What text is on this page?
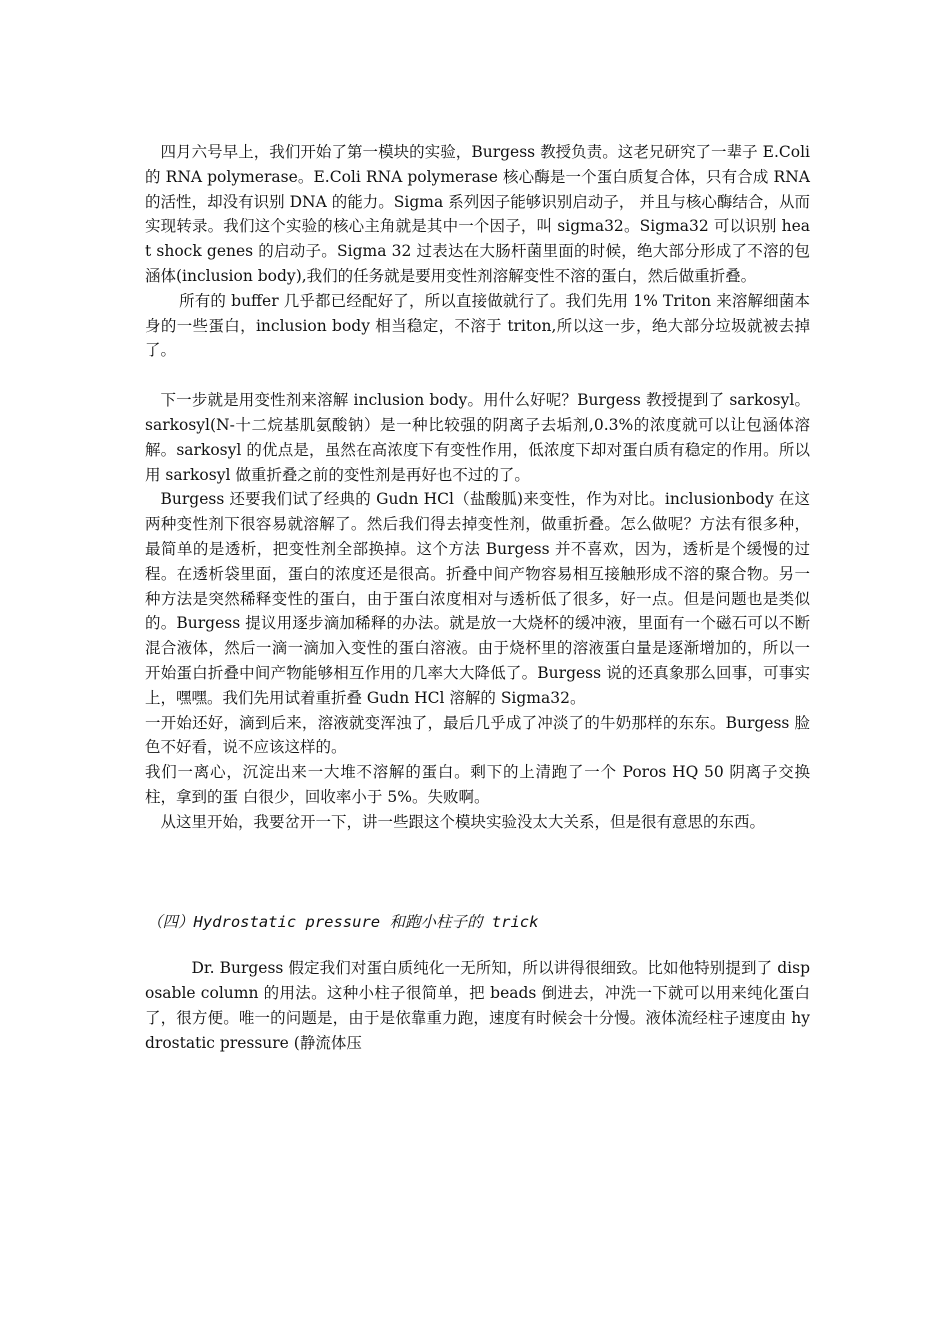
四月六号早上，我们开始了第一模块的实验，Burgess 教授负责。这老兄研究了一辈子 E.Coli 的 RNA polymerase。E.Coli RNA polymerase 核心酶是一个蛋白质复合体，只有合成 RNA 的活性，却没有识别 DNA 的能力。Sigma 系列因子能够识别启动子， 并且与核心酶结合，从而实现转录。我们这个实验的核心主角就是其中一个因子，叫 sigma32。Sigma32 可以识别 heat shock genes 的启动子。Sigma 32 过表达在大肠杆菌里面的时候，绝大部分形成了不溶的包涵体(inclusion body),我们的任务就是要用变性剂溶解变性不溶的蛋白，然后做重折叠。

所有的 buffer 几乎都已经配好了，所以直接做就行了。我们先用 1% Triton 来溶解细菌本身的一些蛋白，inclusion body 相当稳定，不溶于 triton,所以这一步，绝大部分垃圾就被去掉了。

下一步就是用变性剂来溶解 inclusion body。用什么好呢？Burgess 教授提到了 sarkosyl。sarkosyl(N-十二烷基肌氨酸钠）是一种比较强的阴离子去垢剂,0.3%的浓度就可以让包涵体溶解。sarkosyl 的优点是，虽然在高浓度下有变性作用，低浓度下却对蛋白质有稳定的作用。所以用 sarkosyl 做重折叠之前的变性剂是再好也不过的了。

Burgess 还要我们试了经典的 Gudn HCl（盐酸胍)来变性，作为对比。inclusionbody 在这两种变性剂下很容易就溶解了。然后我们得去掉变性剂，做重折叠。怎么做呢？方法有很多种，最简单的是透析，把变性剂全部换掉。这个方法 Burgess 并不喜欢，因为，透析是个缓慢的过程。在透析袋里面，蛋白的浓度还是很高。折叠中间产物容易相互接触形成不溶的聚合物。另一种方法是突然稀释变性的蛋白，由于蛋白浓度相对与透析低了很多，好一点。但是问题也是类似的。Burgess 提议用逐步滴加稀释的办法。就是放一大烧杯的缓冲液，里面有一个磁石可以不断混合液体，然后一滴一滴加入变性的蛋白溶液。由于烧杯里的溶液蛋白量是逐渐增加的，所以一开始蛋白折叠中间产物能够相互作用的几率大大降低了。Burgess 说的还真象那么回事，可事实上，嘿嘿。我们先用试着重折叠 Gudn HCl 溶解的 Sigma32。

一开始还好，滴到后来，溶液就变浑浊了，最后几乎成了冲淡了的牛奶那样的东东。Burgess 脸色不好看，说不应该这样的。

我们一离心，沉淀出来一大堆不溶解的蛋白。剩下的上清跑了一个 Poros HQ 50 阴离子交换柱，拿到的蛋 白很少，回收率小于 5%。失败啊。

从这里开始，我要岔开一下，讲一些跟这个模块实验没太大关系，但是很有意思的东西。

（四）Hydrostatic pressure 和跑小柱子的 trick

Dr. Burgess 假定我们对蛋白质纯化一无所知，所以讲得很细致。比如他特别提到了 disposable column 的用法。这种小柱子很简单，把 beads 倒进去，冲洗一下就可以用来纯化蛋白了，很方便。唯一的问题是，由于是依靠重力跑，速度有时候会十分慢。液体流经柱子速度由 hydrostatic pressure (静流体压
